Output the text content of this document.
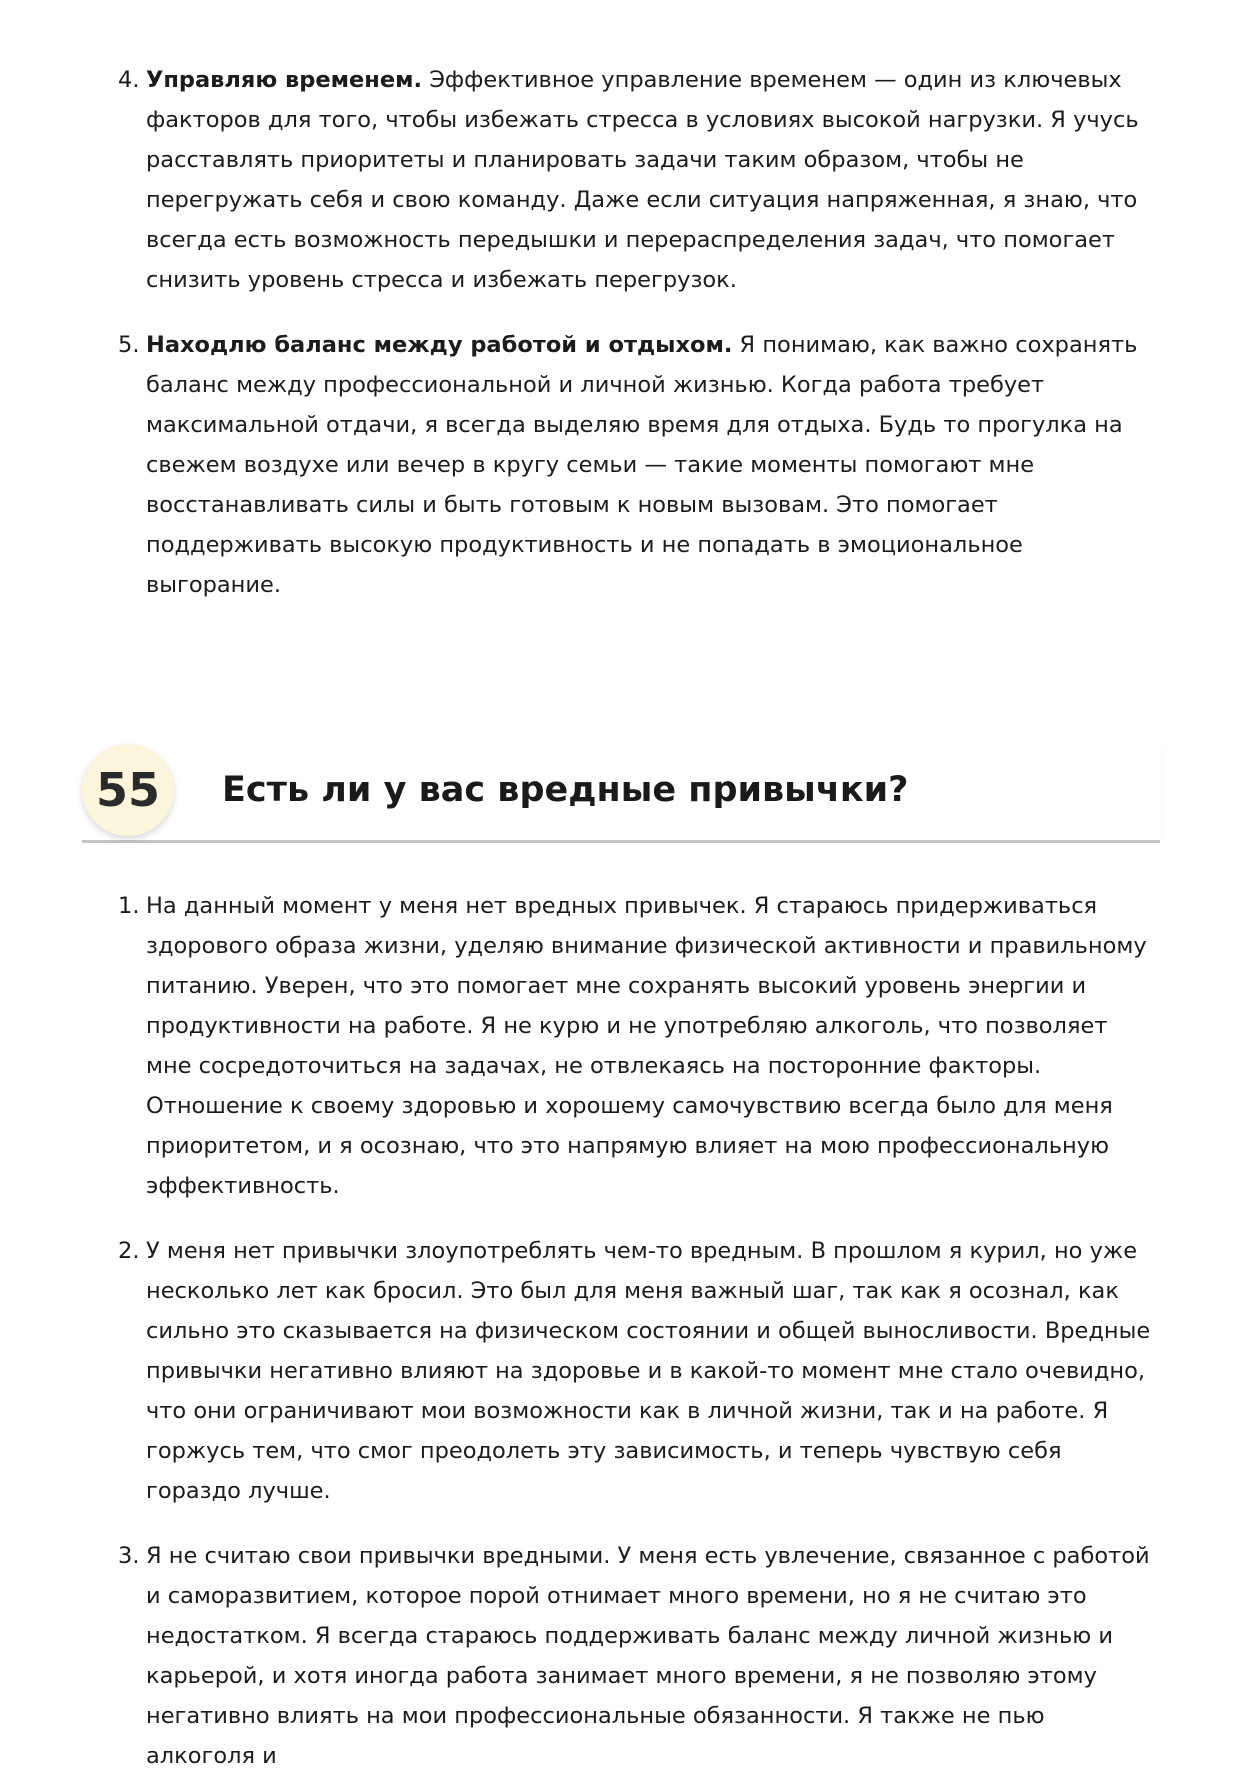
4. Управляю временем. Эффективное управление временем — один из ключевых факторов для того, чтобы избежать стресса в условиях высокой нагрузки. Я учусь расставлять приоритеты и планировать задачи таким образом, чтобы не перегружать себя и свою команду. Даже если ситуация напряженная, я знаю, что всегда есть возможность передышки и перераспределения задач, что помогает снизить уровень стресса и избежать перегрузок.
5. Находлю баланс между работой и отдыхом. Я понимаю, как важно сохранять баланс между профессиональной и личной жизнью. Когда работа требует максимальной отдачи, я всегда выделяю время для отдыха. Будь то прогулка на свежем воздухе или вечер в кругу семьи — такие моменты помогают мне восстанавливать силы и быть готовым к новым вызовам. Это помогает поддерживать высокую продуктивность и не попадать в эмоциональное выгорание.
55	Есть ли у вас вредные привычки?
1. На данный момент у меня нет вредных привычек. Я стараюсь придерживаться здорового образа жизни, уделяю внимание физической активности и правильному питанию. Уверен, что это помогает мне сохранять высокий уровень энергии и продуктивности на работе. Я не курю и не употребляю алкоголь, что позволяет мне сосредоточиться на задачах, не отвлекаясь на посторонние факторы. Отношение к своему здоровью и хорошему самочувствию всегда было для меня приоритетом, и я осознаю, что это напрямую влияет на мою профессиональную эффективность.
2. У меня нет привычки злоупотреблять чем-то вредным. В прошлом я курил, но уже несколько лет как бросил. Это был для меня важный шаг, так как я осознал, как сильно это сказывается на физическом состоянии и общей выносливости. Вредные привычки негативно влияют на здоровье и в какой-то момент мне стало очевидно, что они ограничивают мои возможности как в личной жизни, так и на работе. Я горжусь тем, что смог преодолеть эту зависимость, и теперь чувствую себя гораздо лучше.
3. Я не считаю свои привычки вредными. У меня есть увлечение, связанное с работой и саморазвитием, которое порой отнимает много времени, но я не считаю это недостатком. Я всегда стараюсь поддерживать баланс между личной жизнью и карьерой, и хотя иногда работа занимает много времени, я не позволяю этому негативно влиять на мои профессиональные обязанности. Я также не пью алкоголя и
